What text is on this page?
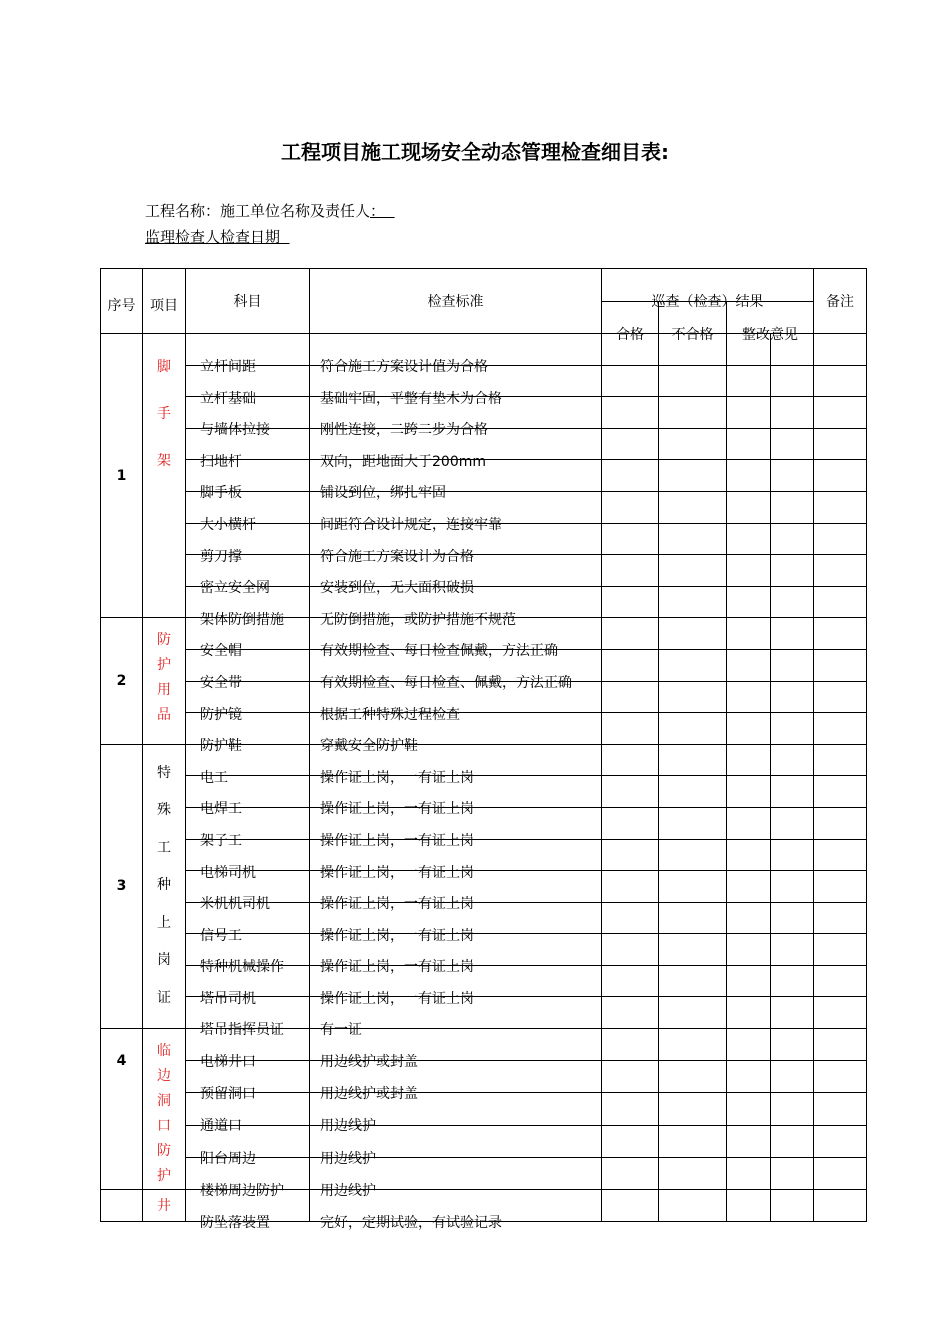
工程项目施工现场安全动态管理检查细目表:
工程名称：施工单位名称及责任人：
监理检查人检查日期
序号	项目	科目	检查标准	巡查（检查）结果				备注

				合格	不合格	整改意见		

1	脚手架	立杆间距	符合施工方案设计值为合格					

		立杆基础	基础牢固，平整有垫木为合格					

		与墙体拉接	刚性连接，二跨二步为合格					

		扫地杆	双向，距地面大于200mm					

		脚手板	铺设到位，绑扎牢固					

		大小横杆	间距符合设计规定，连接牢靠					

		剪刀撑	符合施工方案设计为合格					

		密立安全网	安装到位，无大面积破损					

		架体防倒措施	无防倒措施，或防护措施不规范					

2	防护用品	安全帽	有效期检查、每日检查佩戴，方法正确					

		安全带	有效期检查、每日检查、佩戴，方法正确					

		防护镜	根据工种特殊过程检查					

		防护鞋	穿戴安全防护鞋					

3	特殊工种上岗证	电工	操作证上岗，一有证上岗					

		电焊工	操作证上岗，一有证上岗					

		架子工	操作证上岗，一有证上岗					

		电梯司机	操作证上岗，一有证上岗					

		米机机司机	操作证上岗，一有证上岗					

		信号工	操作证上岗，一有证上岗					

		特种机械操作	操作证上岗，一有证上岗					

		塔吊司机	操作证上岗，一有证上岗					

		塔吊指挥员证	有一证					

4	临边洞口防护	电梯井口	用边线护或封盖					

		预留洞口	用边线护或封盖					

		通道口	用边线护					

		阳台周边	用边线护					

		楼梯周边防护	用边线护					

	井	防坠落装置	完好，定期试验，有试验记录					
